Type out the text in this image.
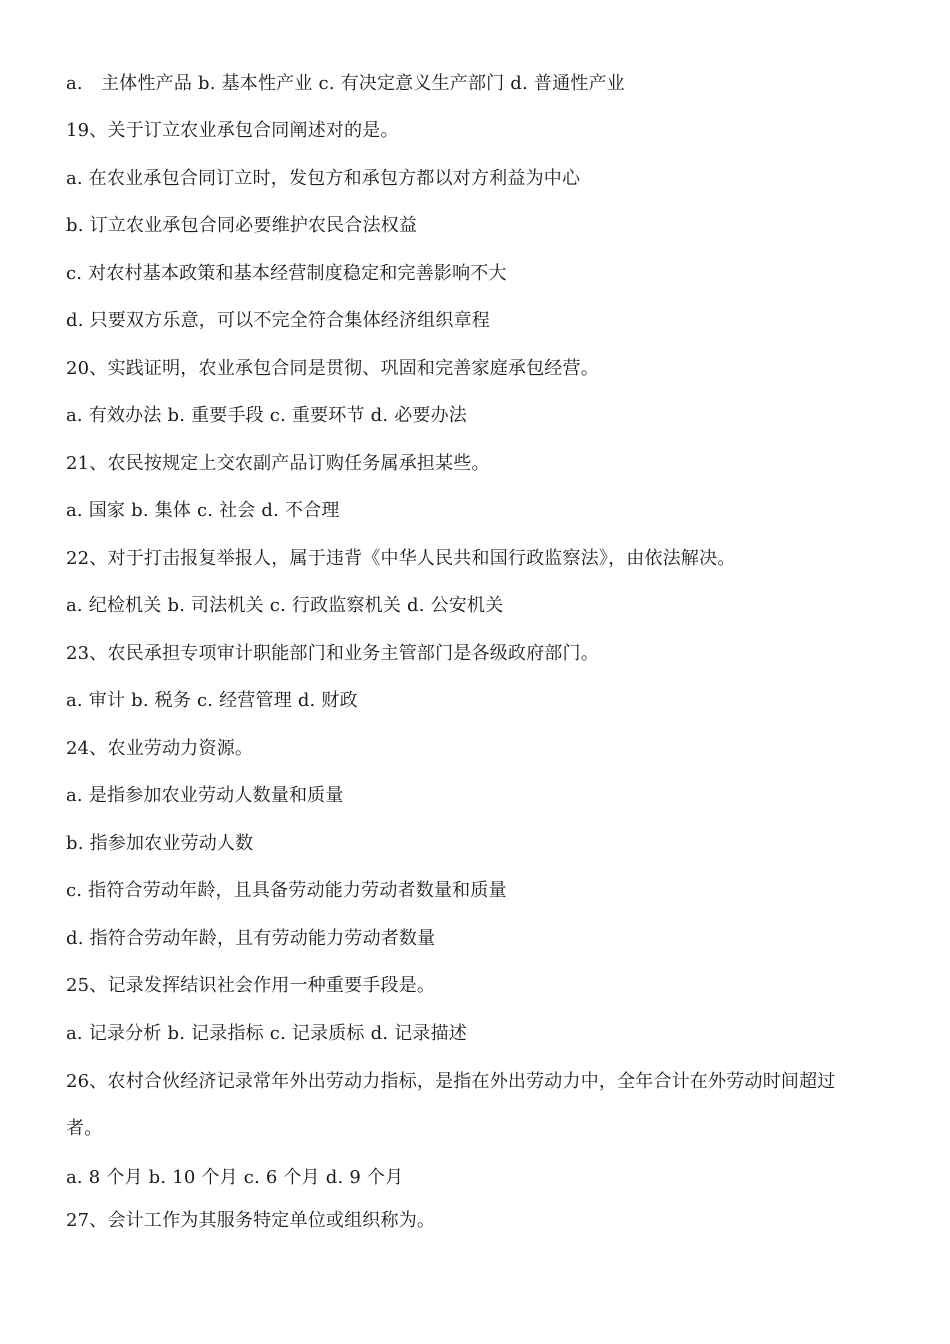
a.　主体性产品 b. 基本性产业 c. 有决定意义生产部门 d. 普通性产业
19、关于订立农业承包合同阐述对的是。
a. 在农业承包合同订立时，发包方和承包方都以对方利益为中心
b. 订立农业承包合同必要维护农民合法权益
c. 对农村基本政策和基本经营制度稳定和完善影响不大
d. 只要双方乐意，可以不完全符合集体经济组织章程
20、实践证明，农业承包合同是贯彻、巩固和完善家庭承包经营。
a. 有效办法 b. 重要手段 c. 重要环节 d. 必要办法
21、农民按规定上交农副产品订购任务属承担某些。
a. 国家 b. 集体 c. 社会 d. 不合理
22、对于打击报复举报人，属于违背《中华人民共和国行政监察法》，由依法解决。
a. 纪检机关 b. 司法机关 c. 行政监察机关 d. 公安机关
23、农民承担专项审计职能部门和业务主管部门是各级政府部门。
a. 审计 b. 税务 c. 经营管理 d. 财政
24、农业劳动力资源。
a. 是指参加农业劳动人数量和质量
b. 指参加农业劳动人数
c. 指符合劳动年龄，且具备劳动能力劳动者数量和质量
d. 指符合劳动年龄，且有劳动能力劳动者数量
25、记录发挥结识社会作用一种重要手段是。
a. 记录分析 b. 记录指标 c. 记录质标 d. 记录描述
26、农村合伙经济记录常年外出劳动力指标，是指在外出劳动力中，全年合计在外劳动时间超过
者。
a. 8 个月 b. 10 个月 c. 6 个月 d. 9 个月
27、会计工作为其服务特定单位或组织称为。
